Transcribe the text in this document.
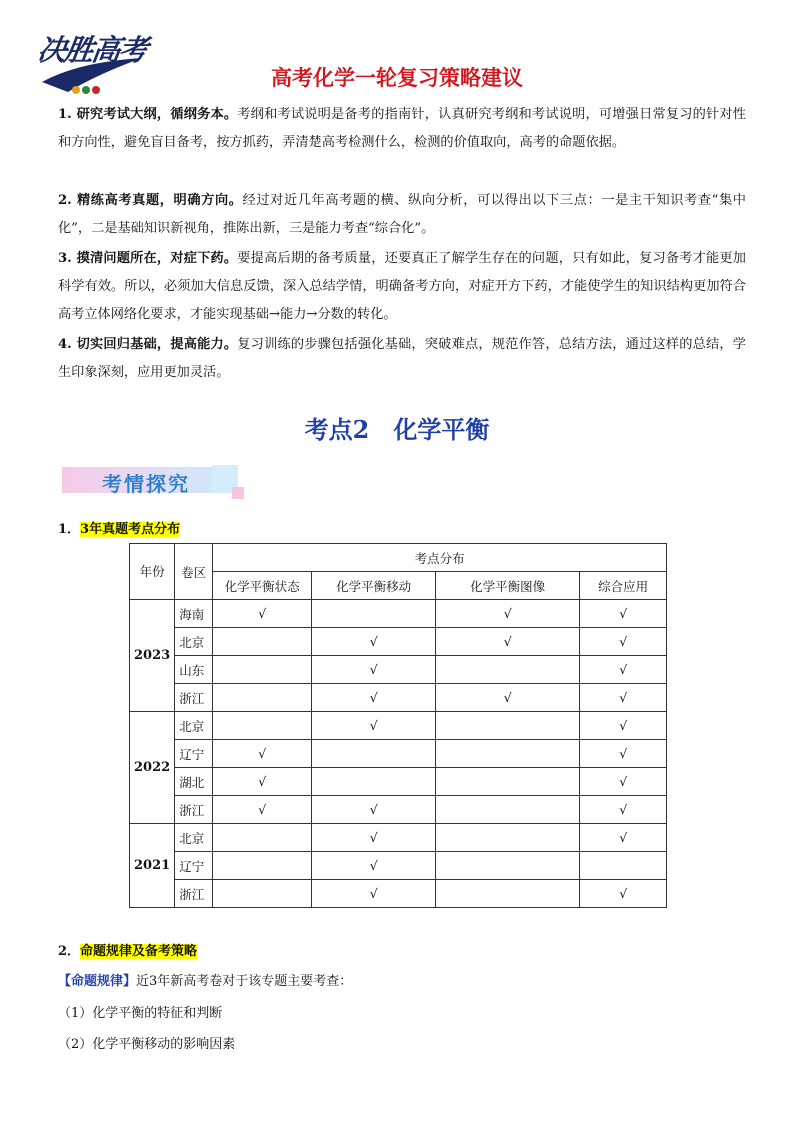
决胜高考
高考化学一轮复习策略建议
1. 研究考试大纲，循纲务本。考纲和考试说明是备考的指南针，认真研究考纲和考试说明，可增强日常复习的针对性和方向性，避免盲目备考，按方抓药，弄清楚高考检测什么，检测的价值取向，高考的命题依据。
2. 精练高考真题，明确方向。经过对近几年高考题的横、纵向分析，可以得出以下三点：一是主干知识考查“集中化”，二是基础知识新视角，推陈出新，三是能力考查“综合化”。
3. 摸清问题所在，对症下药。要提高后期的备考质量，还要真正了解学生存在的问题，只有如此，复习备考才能更加科学有效。所以，必须加大信息反馈，深入总结学情，明确备考方向，对症开方下药，才能使学生的知识结构更加符合高考立体网络化要求，才能实现基础→能力→分数的转化。
4. 切实回归基础，提高能力。复习训练的步骤包括强化基础，突破难点，规范作答，总结方法，通过这样的总结，学生印象深刻，应用更加灵活。
考点2　化学平衡
考情探究
1．3年真题考点分布
年份	卷区	考点分布			
		化学平衡状态	化学平衡移动	化学平衡图像	综合应用
2023	海南	√		√	√
	北京		√	√	√
	山东		√		√
	浙江		√	√	√
2022	北京		√		√
	辽宁	√			√
	湖北	√			√
	浙江	√	√		√
2021	北京		√		√
	辽宁		√		
	浙江		√		√
2．命题规律及备考策略
【命题规律】近3年新高考卷对于该专题主要考查：
（1）化学平衡的特征和判断
（2）化学平衡移动的影响因素
